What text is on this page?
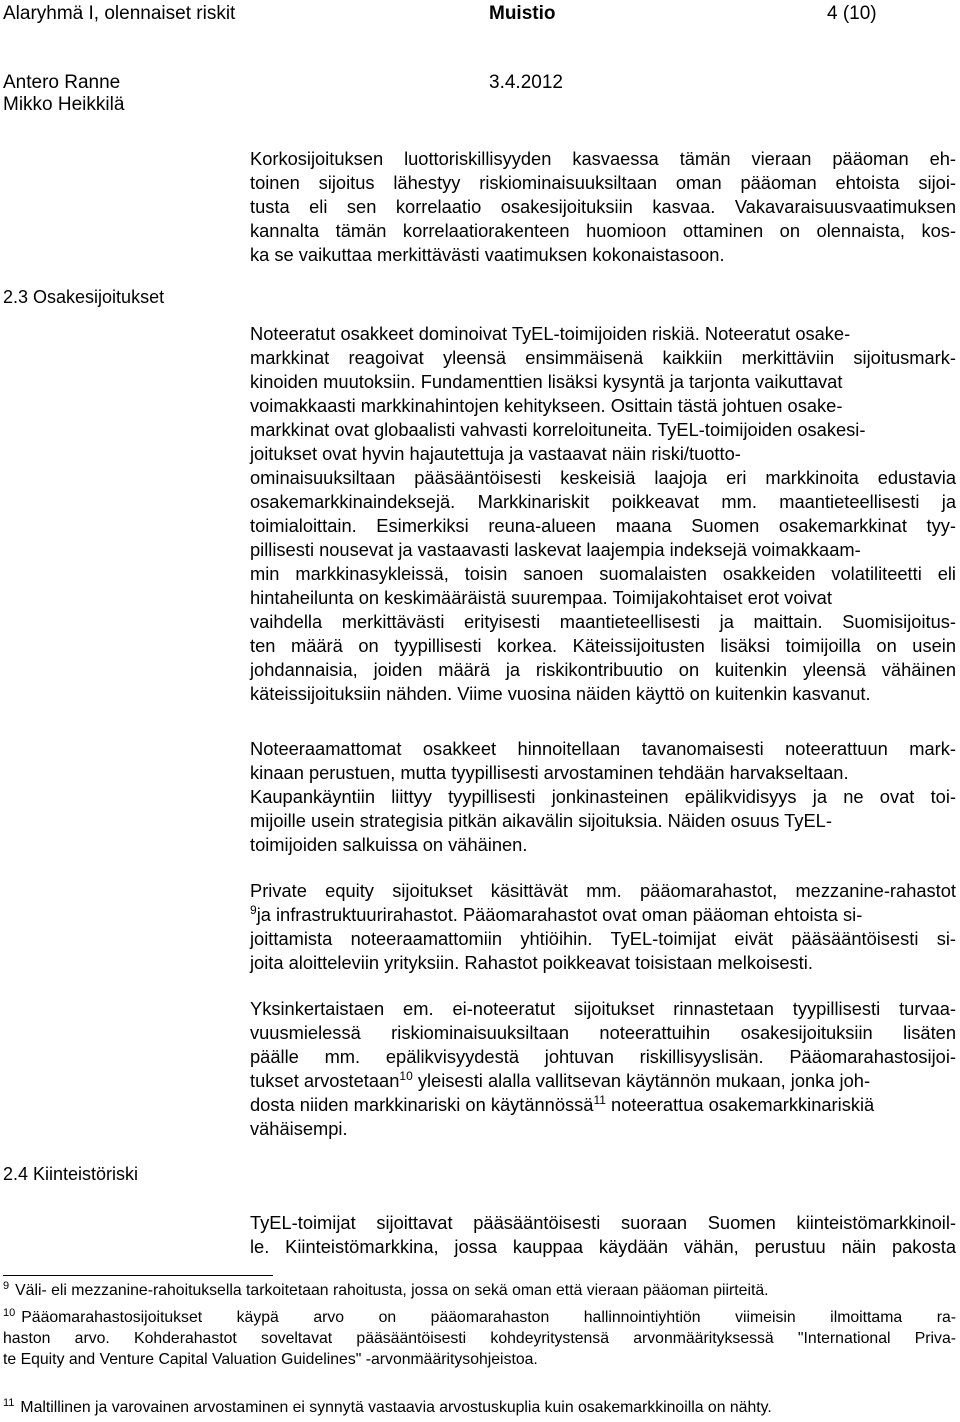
Alaryhmä I, olennaiset riskit	Muistio	4 (10)
Antero Ranne	3.4.2012
Mikko Heikkilä
2.3 Osakesijoitukset
2.4 Kiinteistöriski
Korkosijoituksen luottoriskillisyyden kasvaessa tämän vieraan pääoman eh-
toinen sijoitus lähestyy riskiominaisuuksiltaan oman pääoman ehtoista sijoi-
tusta eli sen korrelaatio osakesijoituksiin kasvaa. Vakavaraisuusvaatimuksen
kannalta tämän korrelaatiorakenteen huomioon ottaminen on olennaista, kos-
ka se vaikuttaa merkittävästi vaatimuksen kokonaistasoon.
Noteeratut osakkeet dominoivat TyEL-toimijoiden riskiä. Noteeratut osake-
markkinat reagoivat yleensä ensimmäisenä kaikkiin merkittäviin sijoitusmark-
kinoiden muutoksiin. Fundamenttien lisäksi kysyntä ja tarjonta vaikuttavat
voimakkaasti markkinahintojen kehitykseen. Osittain tästä johtuen osake-
markkinat ovat globaalisti vahvasti korreloituneita. TyEL-toimijoiden osakesi-
joitukset ovat hyvin hajautettuja ja vastaavat näin riski/tuotto-
ominaisuuksiltaan pääsääntöisesti keskeisiä laajoja eri markkinoita edustavia
osakemarkkinaindeksejä. Markkinariskit poikkeavat mm. maantieteellisesti ja
toimialoittain. Esimerkiksi reuna-alueen maana Suomen osakemarkkinat tyy-
pillisesti nousevat ja vastaavasti laskevat laajempia indeksejä voimakkaam-
min markkinasykleissä, toisin sanoen suomalaisten osakkeiden volatiliteetti eli
hintaheilunta on keskimääräistä suurempaa. Toimijakohtaiset erot voivat
vaihdella merkittävästi erityisesti maantieteellisesti ja maittain. Suomisijoitus-
ten määrä on tyypillisesti korkea. Käteissijoitusten lisäksi toimijoilla on usein
johdannaisia, joiden määrä ja riskikontribuutio on kuitenkin yleensä vähäinen
käteissijoituksiin nähden. Viime vuosina näiden käyttö on kuitenkin kasvanut.
Noteeraamattomat osakkeet hinnoitellaan tavanomaisesti noteerattuun mark-
kinaan perustuen, mutta tyypillisesti arvostaminen tehdään harvakseltaan.
Kaupankäyntiin liittyy tyypillisesti jonkinasteinen epälikvidisyys ja ne ovat toi-
mijoille usein strategisia pitkän aikavälin sijoituksia. Näiden osuus TyEL-
toimijoiden salkuissa on vähäinen.
Private equity sijoitukset käsittävät mm. pääomarahastot, mezzanine-rahastot
$^9$ja infrastruktuurirahastot. Pääomarahastot ovat oman pääoman ehtoista si-
joittamista noteeraamattomiin yhtiöihin. TyEL-toimijat eivät pääsääntöisesti si-
joita aloitteleviin yrityksiin. Rahastot poikkeavat toisistaan melkoisesti.
Yksinkertaistaen em. ei-noteeratut sijoitukset rinnastetaan tyypillisesti turvaa-
vuusmielessä riskiominaisuuksiltaan noteerattuihin osakesijoituksiin lisäten
päälle mm. epälikvisyydestä johtuvan riskillisyyslisän. Pääomarahastosijoi-
tukset arvostetaan$^{10}$ yleisesti alalla vallitsevan käytännön mukaan, jonka joh-
dosta niiden markkinariski on käytännössä$^{11}$ noteerattua osakemarkkinariskiä
vähäisempi.
TyEL-toimijat sijoittavat pääsääntöisesti suoraan Suomen kiinteistömarkkinoil-
le. Kiinteistömarkkina, jossa kauppaa käydään vähän, perustuu näin pakosta
$^9$ Väli- eli mezzanine-rahoituksella tarkoitetaan rahoitusta, jossa on sekä oman että vieraan pääoman piirteitä.
$^{10}$ Pääomarahastosijoitukset käypä arvo on pääomarahaston hallinnointiyhtiön viimeisin ilmoittama ra-
haston arvo. Kohderahastot soveltavat pääsääntöisesti kohdeyritystensä arvonmäärityksessä "International Priva-
te Equity and Venture Capital Valuation Guidelines" -arvonmääritysohjeistoa.
$^{11}$ Maltillinen ja varovainen arvostaminen ei synnytä vastaavia arvostuskuplia kuin osakemarkkinoilla on nähty.
